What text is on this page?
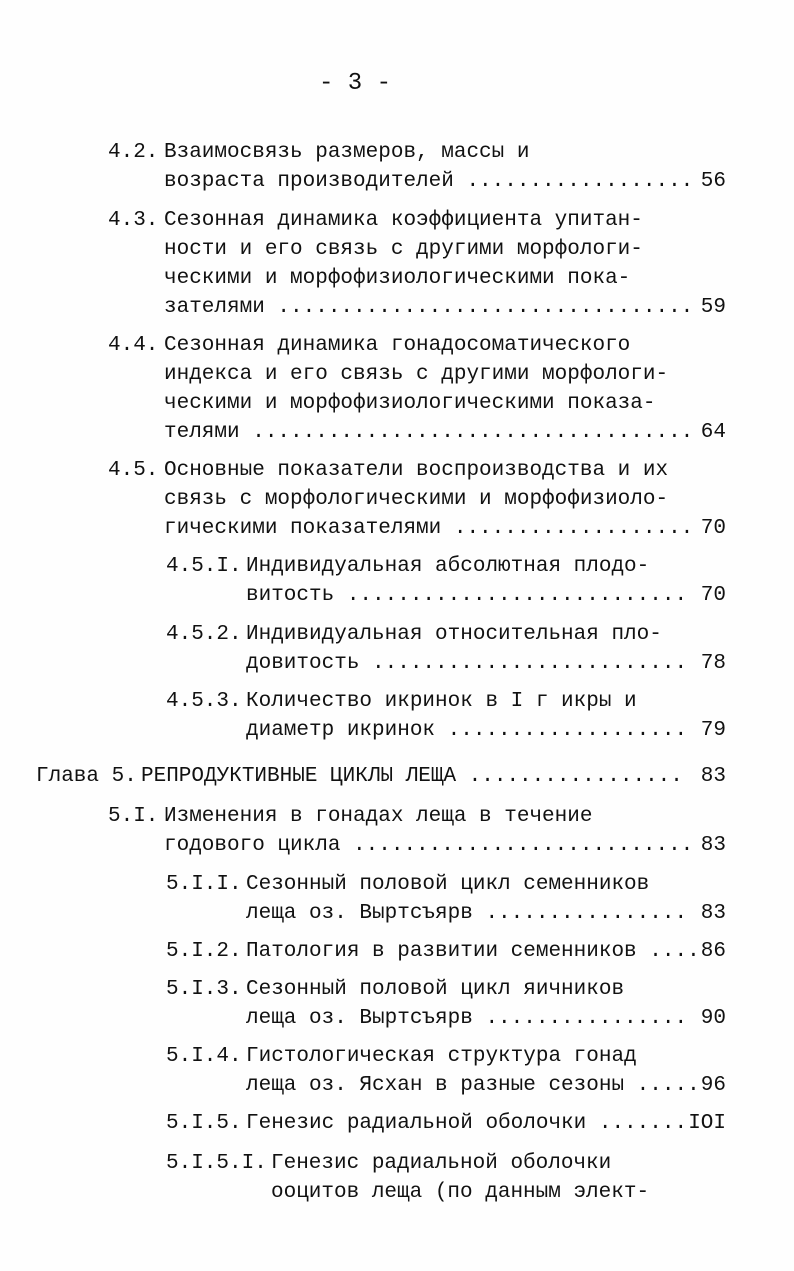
- 3 -
4.2. Взаимосвязь размеров, массы и
возраста производителей .................. 56
4.3. Сезонная динамика коэффициента упитан-
ности и его связь с другими морфологи-
ческими и морфофизиологическими пока-
зателями ................................. 59
4.4. Сезонная динамика гонадосоматического
индекса и его связь с другими морфологи-
ческими и морфофизиологическими показа-
телями ................................... 64
4.5. Основные показатели воспроизводства и их
связь с морфологическими и морфофизиоло-
гическими показателями ................... 70
4.5.I. Индивидуальная абсолютная плодо-
витость ........................... 70
4.5.2. Индивидуальная относительная пло-
довитость ......................... 78
4.5.3. Количество икринок в I г икры и
диаметр икринок ................... 79
Глава 5. РЕПРОДУКТИВНЫЕ ЦИКЛЫ ЛЕЩА ................. 83
5.I. Изменения в гонадах леща в течение
годового цикла ........................... 83
5.I.I. Сезонный половой цикл семенников
леща оз. Выртсъярв ................ 83
5.I.2. Патология в развитии семенников .... 86
5.I.3. Сезонный половой цикл яичников
леща оз. Выртсъярв ................ 90
5.I.4. Гистологическая структура гонад
леща оз. Ясхан в разные сезоны ..... 96
5.I.5. Генезис радиальной оболочки ....... IOI
5.I.5.I. Генезис радиальной оболочки
ооцитов леща (по данным элект-
